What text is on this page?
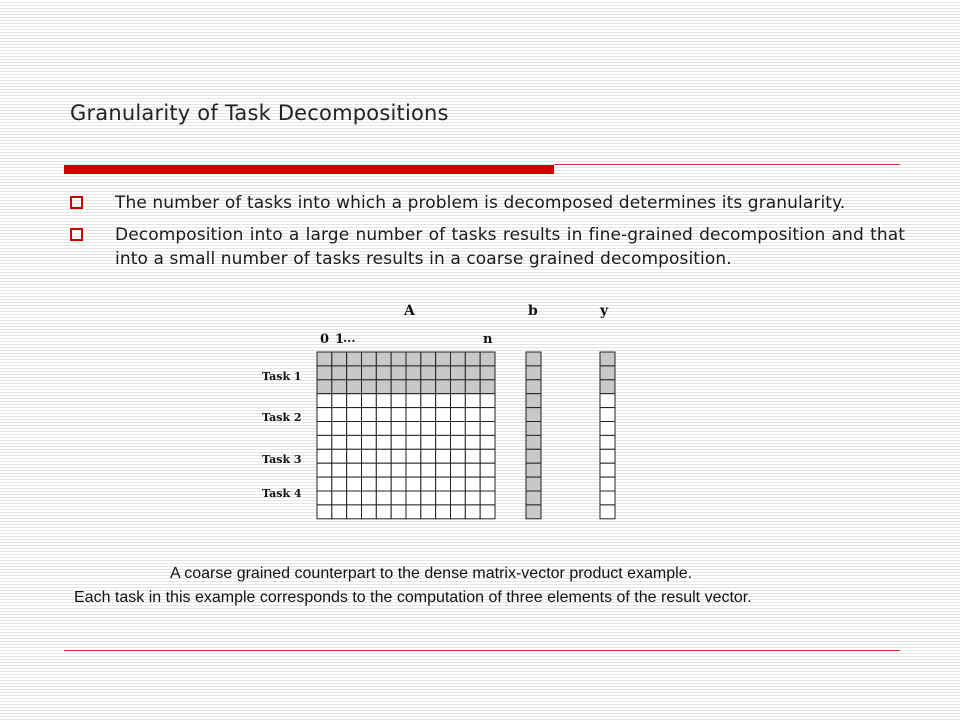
Granularity of Task Decompositions
The number of tasks into which a problem is decomposed determines its granularity.
Decomposition into a large number of tasks results in fine-grained decomposition and that into a small number of tasks results in a coarse grained decomposition.
A	b	y
0 1
...	n
Task 1
Task 2
Task 3
Task 4
A coarse grained counterpart to the dense matrix-vector product example.
Each task in this example corresponds to the computation of three elements of the result vector.
